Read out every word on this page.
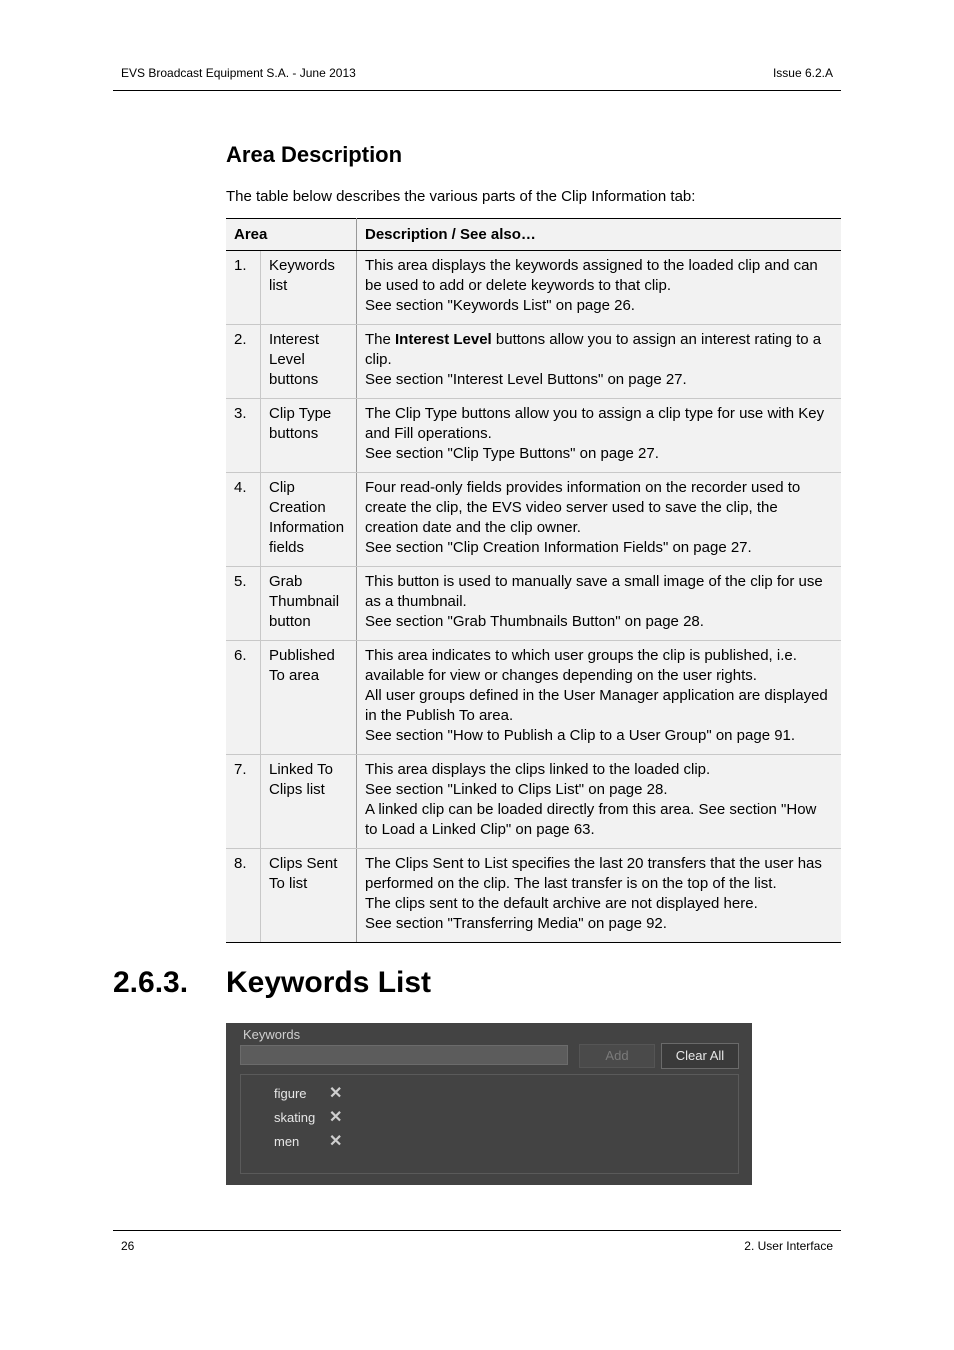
EVS Broadcast Equipment S.A. - June 2013	Issue 6.2.A
Area Description

The table below describes the various parts of the Clip Information tab:

Area		Description / See also…
1.	Keywords list	This area displays the keywords assigned to the loaded clip and can be used to add or delete keywords to that clip.
See section "Keywords List" on page 26.

2.	Interest Level buttons	The Interest Level buttons allow you to assign an interest rating to a clip.
See section "Interest Level Buttons" on page 27.

3.	Clip Type buttons	The Clip Type buttons allow you to assign a clip type for use with Key and Fill operations.
See section "Clip Type Buttons" on page 27.

4.	Clip Creation Information fields	Four read-only fields provides information on the recorder used to create the clip, the EVS video server used to save the clip, the creation date and the clip owner.
See section "Clip Creation Information Fields" on page 27.

5.	Grab Thumbnail button	This button is used to manually save a small image of the clip for use as a thumbnail.
See section "Grab Thumbnails Button" on page 28.

6.	Published To area	This area indicates to which user groups the clip is published, i.e. available for view or changes depending on the user rights.
All user groups defined in the User Manager application are displayed in the Publish To area.
See section "How to Publish a Clip to a User Group" on page 91.

7.	Linked To Clips list	This area displays the clips linked to the loaded clip.
See section "Linked to Clips List" on page 28.
A linked clip can be loaded directly from this area. See section "How to Load a Linked Clip" on page 63.

8.	Clips Sent To list	The Clips Sent to List specifies the last 20 transfers that the user has performed on the clip. The last transfer is on the top of the list.
The clips sent to the default archive are not displayed here.
See section "Transferring Media" on page 92.
2.6.3. Keywords List
Keywords
Add	Clear All
figure ✕
skating ✕
men ✕
26	2. User Interface
